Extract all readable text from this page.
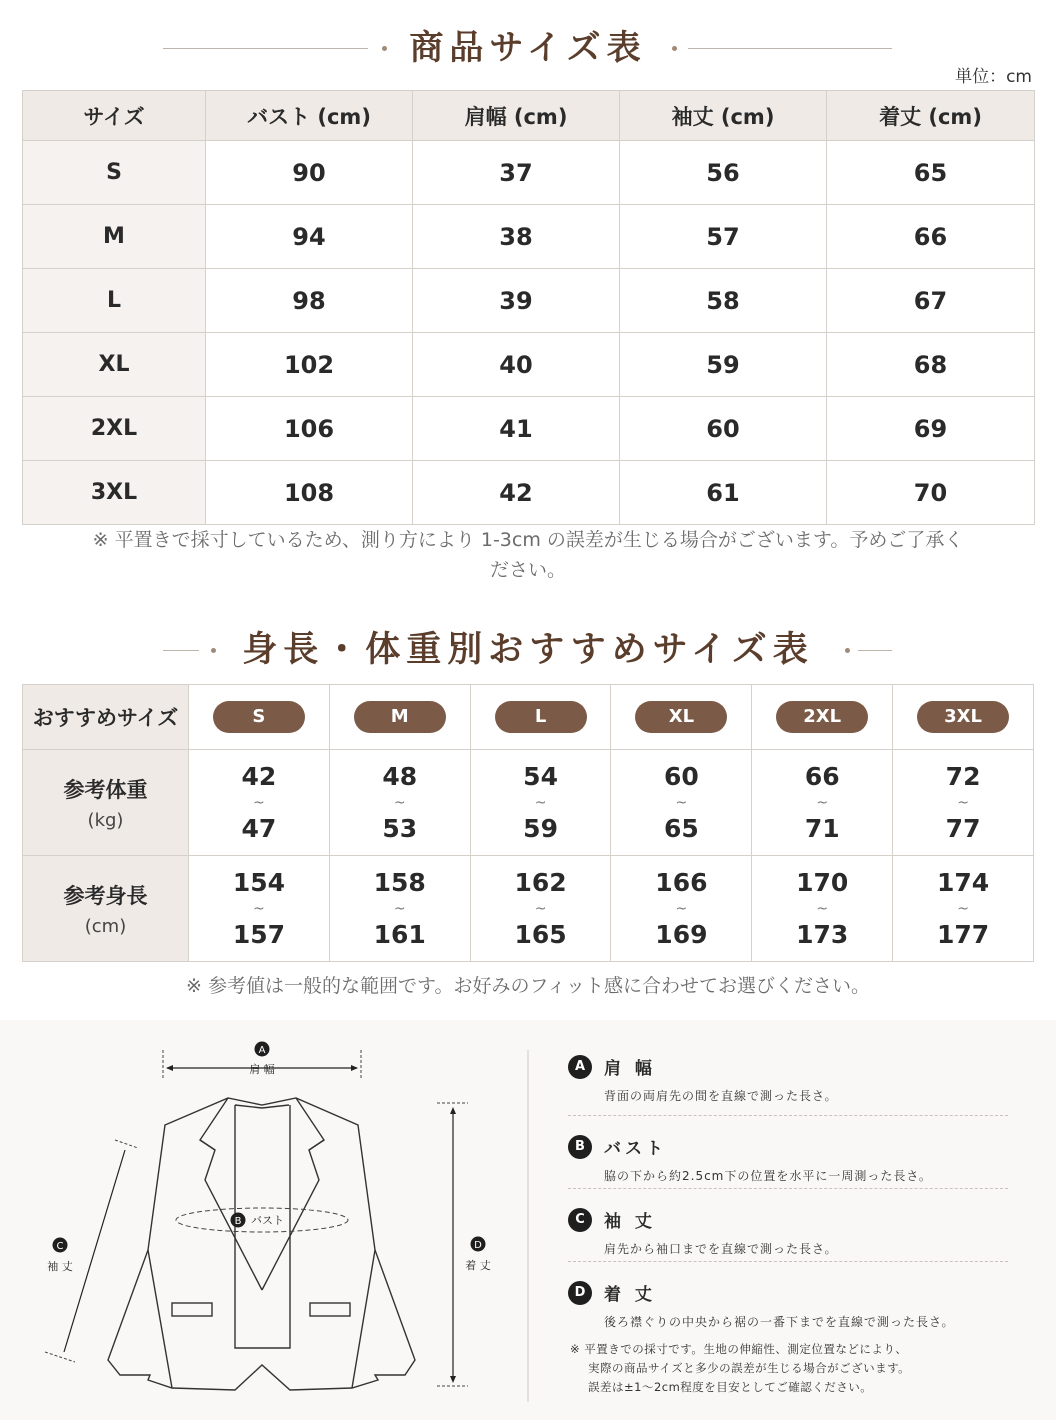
商品サイズ表
単位：cm
サイズ	バスト (cm)	肩幅 (cm)	袖丈 (cm)	着丈 (cm)
S	90	37	56	65
M	94	38	57	66
L	98	39	58	67
XL	102	40	59	68
2XL	106	41	60	69
3XL	108	42	61	70
※ 平置きで採寸しているため、測り方により 1-3cm の誤差が生じる場合がございます。予めご了承く
ださい。
身長・体重別おすすめサイズ表
おすすめサイズ	S	M	L	XL	2XL	3XL
参考体重
(kg)	42
~
47	48
~
53	54
~
59	60
~
65	66
~
71	72
~
77

参考身長
(cm)	154
~
157	158
~
161	162
~
165	166
~
169	170
~
173	174
~
177
※ 参考値は一般的な範囲です。お好みのフィット感に合わせてお選びください。
A
肩 幅
B バスト
C
袖 丈
D
着 丈
A	肩 幅
背面の両肩先の間を直線で測った長さ。
B	バスト
脇の下から約2.5cm下の位置を水平に一周測った長さ。
C	袖 丈
肩先から袖口までを直線で測った長さ。
D	着 丈
後ろ襟ぐりの中央から裾の一番下までを直線で測った長さ。
※ 平置きでの採寸です。生地の伸縮性、測定位置などにより、
実際の商品サイズと多少の誤差が生じる場合がございます。
誤差は±1～2cm程度を目安としてご確認ください。
